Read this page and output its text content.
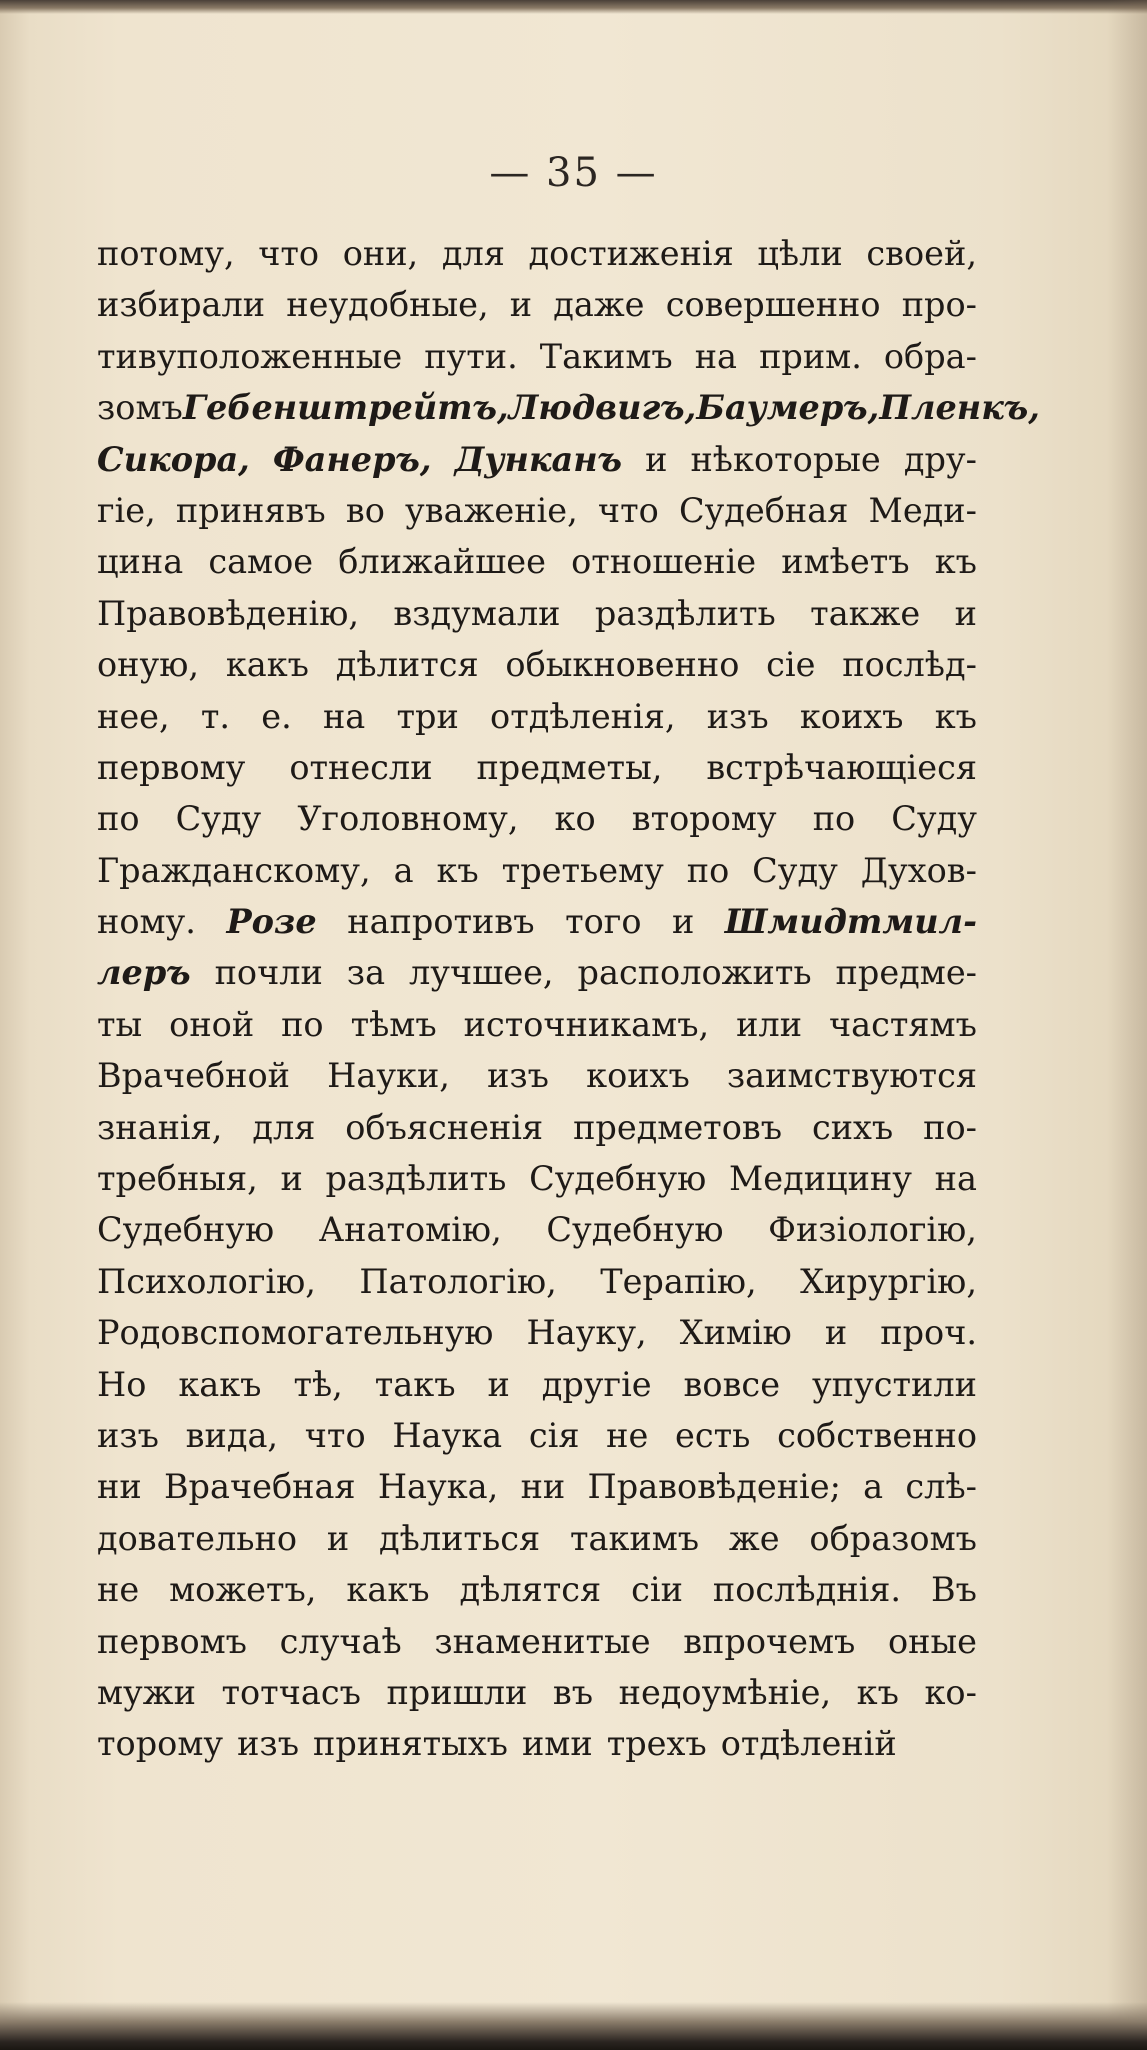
— 35 —
потому, что они, для достиженія цѣли своей,
избирали неудобные, и даже совершенно про-
тивуположенные пути. Такимъ на прим. обра-
зомъ Гебенштрейтъ, Людвигъ, Баумеръ, Пленкъ,
Сикора, Фанеръ, Дунканъ и нѣкоторые дру-
гіе, принявъ во уваженіе, что Судебная Меди-
цина самое ближайшее отношеніе имѣетъ къ
Правовѣденію, вздумали раздѣлить также и
оную, какъ дѣлится обыкновенно сіе послѣд-
нее, т. е. на три отдѣленія, изъ коихъ къ
первому отнесли предметы, встрѣчающіеся
по Суду Уголовному, ко второму по Суду
Гражданскому, а къ третьему по Суду Духов-
ному. Розе напротивъ того и Шмидтмил-
леръ почли за лучшее, расположить предме-
ты оной по тѣмъ источникамъ, или частямъ
Врачебной Науки, изъ коихъ заимствуются
знанія, для объясненія предметовъ сихъ по-
требныя, и раздѣлить Судебную Медицину на
Судебную Анатомію, Судебную Физіологію,
Психологію, Патологію, Терапію, Хирургію,
Родовспомогательную Науку, Химію и проч.
Но какъ тѣ, такъ и другіе вовсе упустили
изъ вида, что Наука сія не есть собственно
ни Врачебная Наука, ни Правовѣденіе; а слѣ-
довательно и дѣлиться такимъ же образомъ
не можетъ, какъ дѣлятся сіи послѣднія. Въ
первомъ случаѣ знаменитые впрочемъ оные
мужи тотчасъ пришли въ недоумѣніе, къ ко-
торому изъ принятыхъ ими трехъ отдѣленій
